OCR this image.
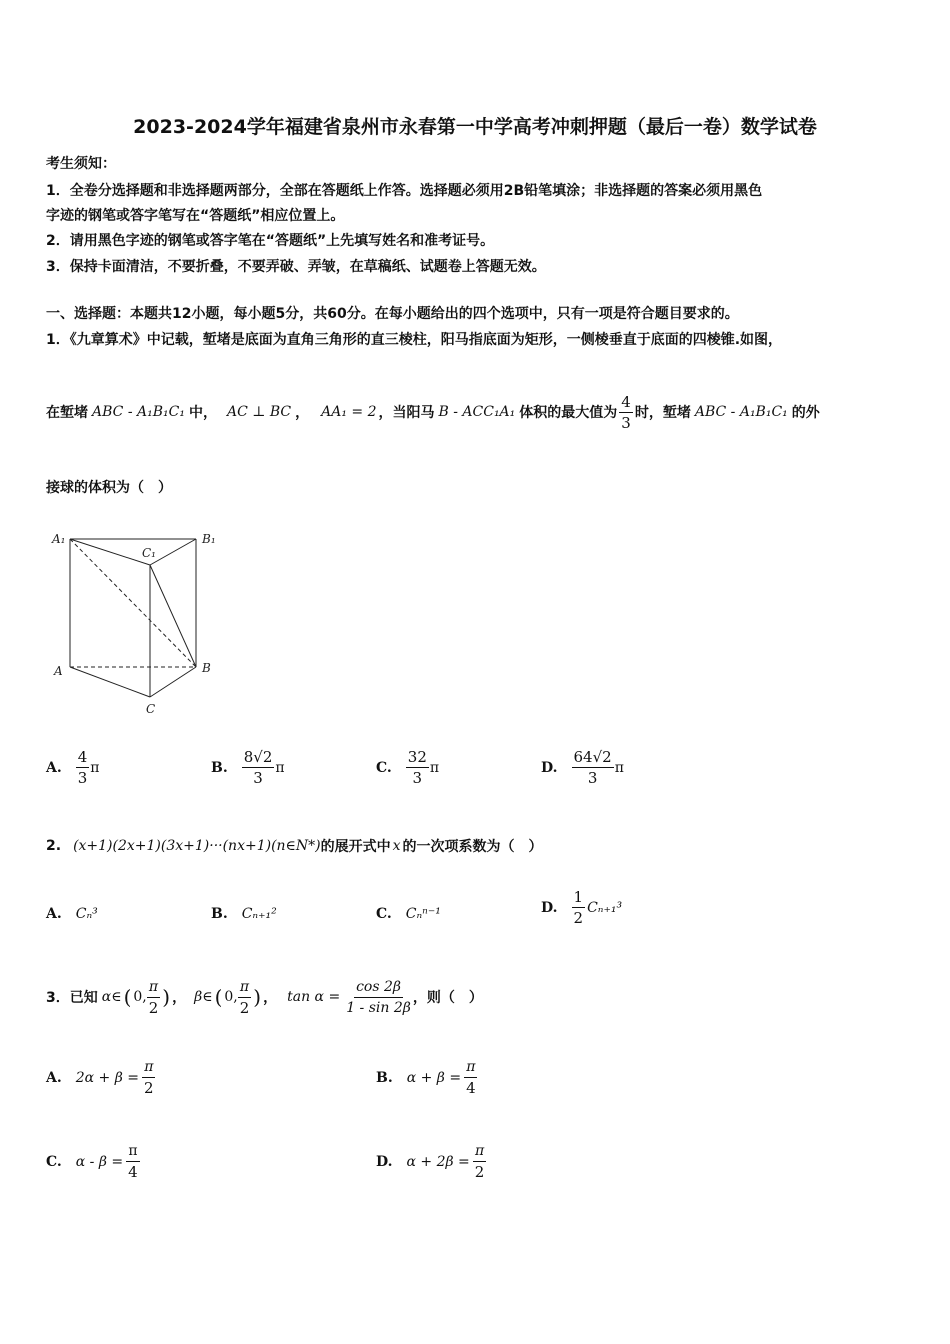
2023-2024学年福建省泉州市永春第一中学高考冲刺押题（最后一卷）数学试卷
考生须知：
1．全卷分选择题和非选择题两部分，全部在答题纸上作答。选择题必须用2B铅笔填涂；非选择题的答案必须用黑色
字迹的钢笔或答字笔写在“答题纸”相应位置上。
2．请用黑色字迹的钢笔或答字笔在“答题纸”上先填写姓名和准考证号。
3．保持卡面清洁，不要折叠，不要弄破、弄皱，在草稿纸、试题卷上答题无效。
一、选择题：本题共12小题，每小题5分，共60分。在每小题给出的四个选项中，只有一项是符合题目要求的。
1．《九章算术》中记载，堑堵是底面为直角三角形的直三棱柱，阳马指底面为矩形，一侧棱垂直于底面的四棱锥.如图，
在堑堵 ABC - A₁B₁C₁ 中， AC ⊥ BC ， AA₁ = 2 ，当阳马 B - ACC₁A₁ 体积的最大值为 $\frac{4}{3}$ 时，堑堵 ABC - A₁B₁C₁ 的外
接球的体积为（　）
A₁	B₁
C₁
A	B
C
A. $\frac{4}{3}$ π	B. $\frac{8√2}{3}$ π	C. $\frac{32}{3}$ π	D. $\frac{64√2}{3}$ π
2. (x+1)(2x+1)(3x+1)···(nx+1)(n∈N*) 的展开式中 x 的一次项系数为（　）
A. Cₙ³	B. Cₙ₊₁²	C. Cₙⁿ⁻¹	D. $\frac{1}{2} C_{n+1}^3$
3．已知 α∈ ( 0, $\frac{\pi}{2}$ ) ， β∈ ( 0, $\frac{\pi}{2}$ ) ， $\tan \alpha = \frac{\cos 2\beta}{1 - \sin 2\beta}$ ，则（　）
A. $2\alpha + \beta = \frac{\pi}{2}$	B. $\alpha + \beta = \frac{\pi}{4}$
C. $\alpha - \beta = \frac{\pi}{4}$	D. $\alpha + 2\beta = \frac{\pi}{2}$
